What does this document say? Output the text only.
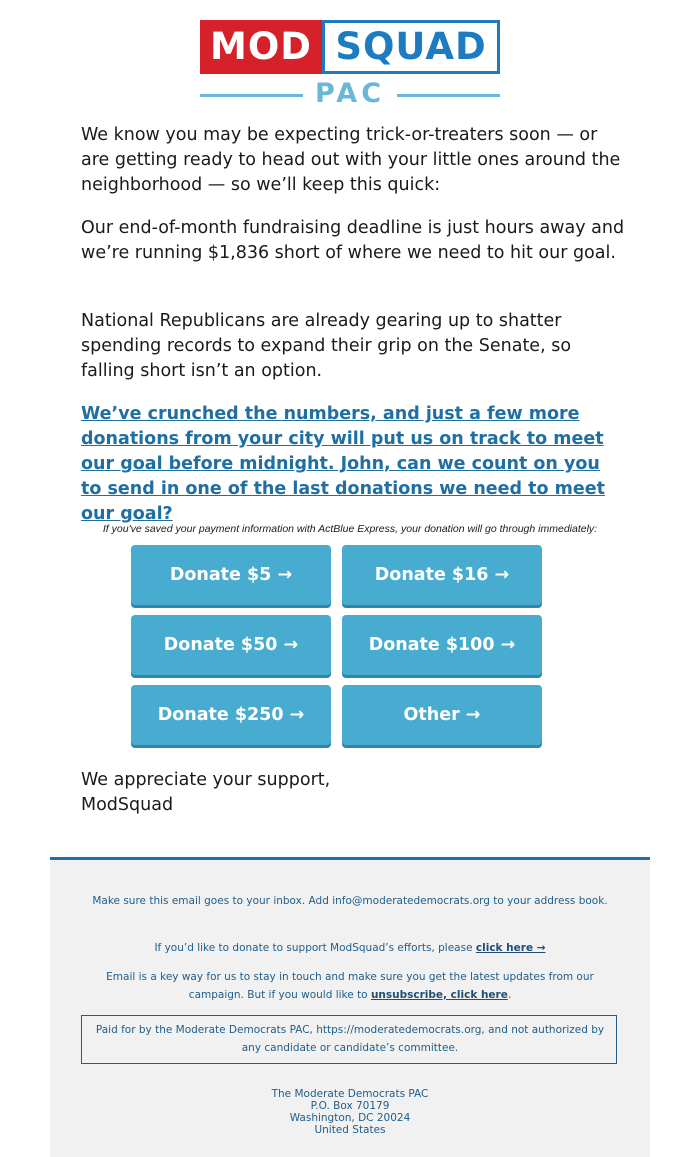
MOD SQUAD
PAC

We know you may be expecting trick-or-treaters soon — or are getting ready to head out with your little ones around the neighborhood — so we’ll keep this quick:

Our end-of-month fundraising deadline is just hours away and we’re running $1,836 short of where we need to hit our goal.

National Republicans are already gearing up to shatter spending records to expand their grip on the Senate, so falling short isn’t an option.

We’ve crunched the numbers, and just a few more donations from your city will put us on track to meet our goal before midnight. John, can we count on you to send in one of the last donations we need to meet our goal?
If you've saved your payment information with ActBlue Express, your donation will go through immediately:
Donate $5 →	Donate $16 →
Donate $50 →	Donate $100 →
Donate $250 →	Other →
We appreciate your support,
ModSquad

Make sure this email goes to your inbox. Add info@moderatedemocrats.org to your address book.

If you’d like to donate to support ModSquad’s efforts, please click here →

Email is a key way for us to stay in touch and make sure you get the latest updates from our campaign. But if you would like to unsubscribe, click here.

Paid for by the Moderate Democrats PAC, https://moderatedemocrats.org, and not authorized by any candidate or candidate’s committee.
The Moderate Democrats PAC
P.O. Box 70179
Washington, DC 20024
United States
